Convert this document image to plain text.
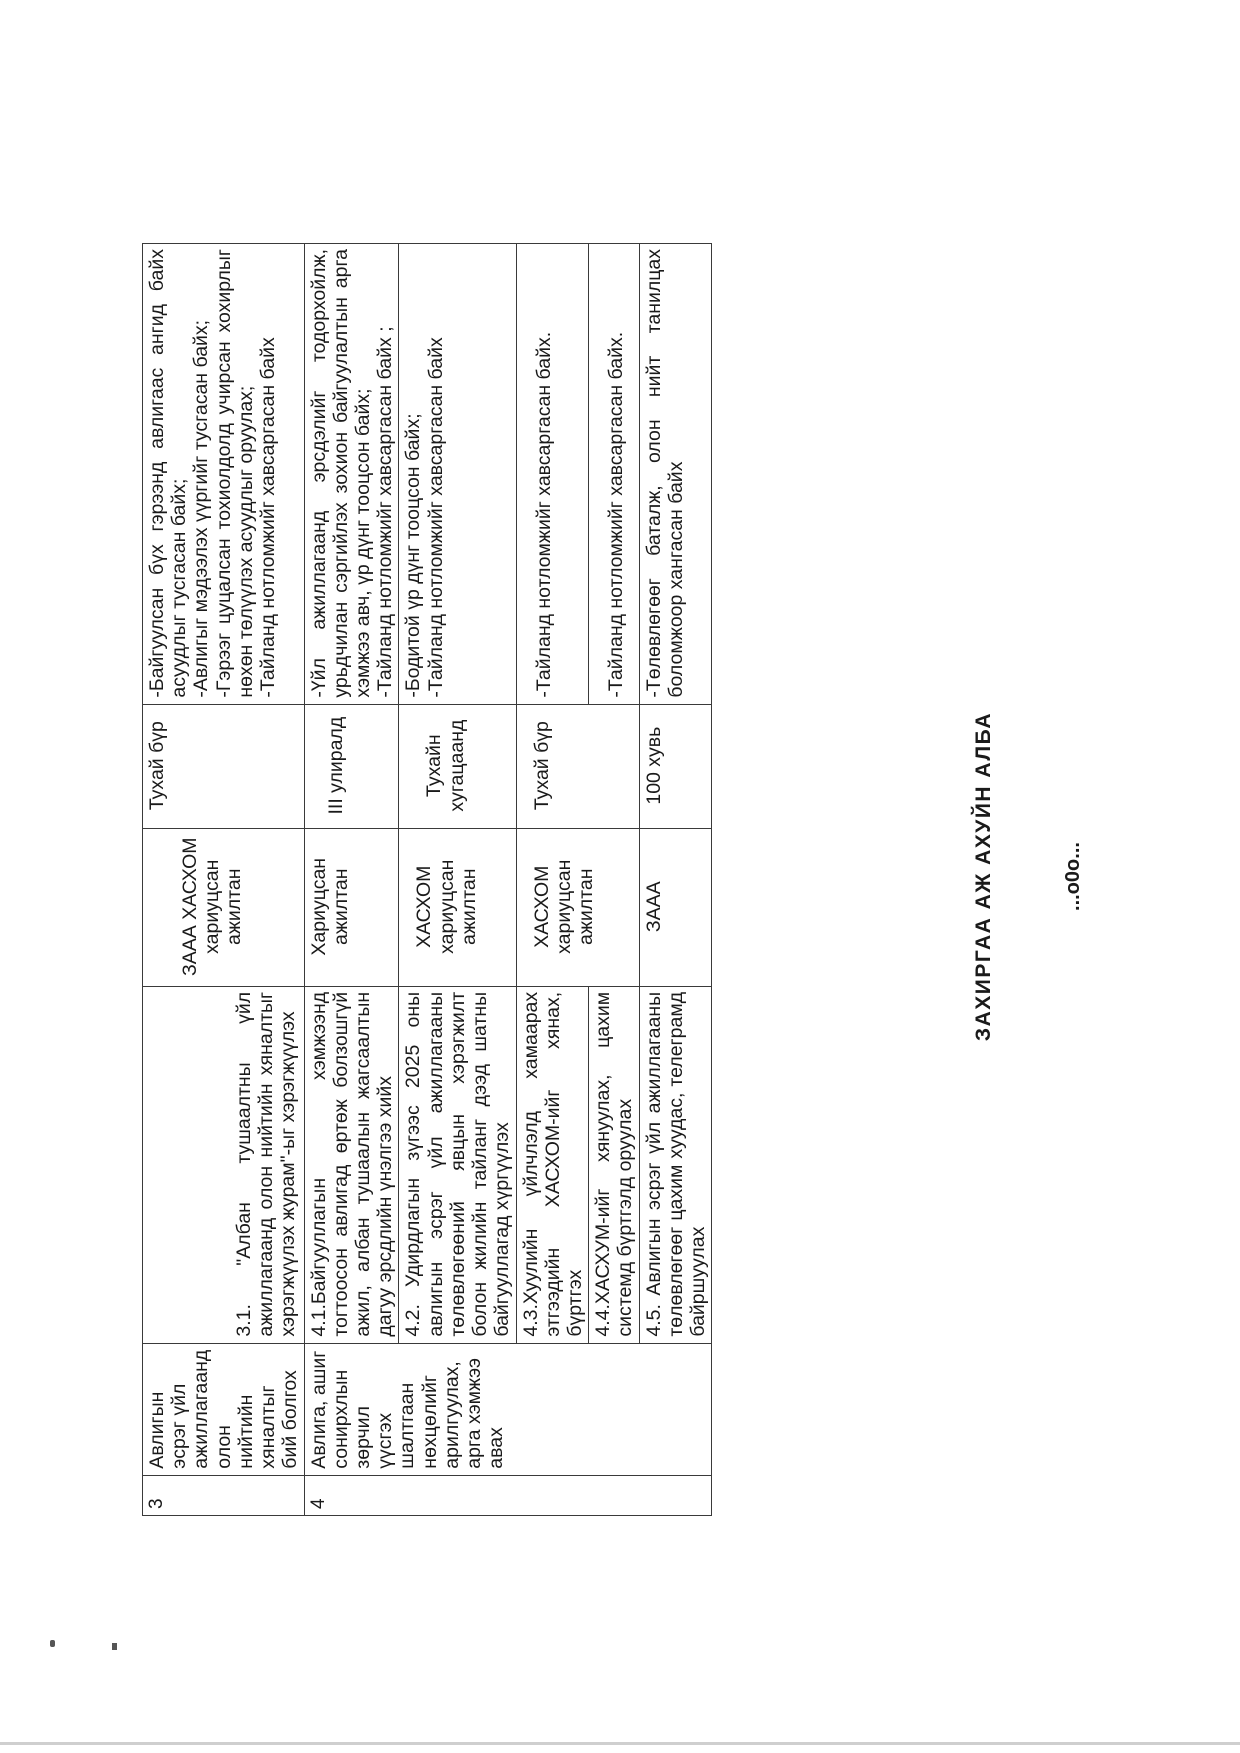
3	Авлигын эсрэг үйл ажиллагаанд олон нийтийн хяналтыг бий болгох	3.1. "Албан тушаалтны үйл ажиллагаанд олон нийтийн хяналтыг хэрэгжүүлэх журам"-ыг хэрэгжүүлэх	ЗААА ХАСХОМ хариуцсан ажилтан	Тухай бүр	-Байгуулсан бүх гэрээнд авлигаас ангид байх асуудлыг тусгасан байх; -Авлигыг мэдээлэх үүргийг тусгасан байх; -Гэрээг цуцалсан тохиолдолд учирсан хохирлыг нөхөн төлүүлэх асуудлыг оруулах; -Тайланд нотломжийг хавсаргасан байх

4	Авлига, ашиг сонирхлын зөрчил үүсгэх шалтгаан нөхцөлийг арилгуулах, арга хэмжээ авах	4.1.Байгууллагын хэмжээнд тогтоосон авлигад өртөж болзошгүй ажил, албан тушаалын жагсаалтын дагуу эрсдлийн үнэлгээ хийх	Хариуцсан ажилтан	III улиралд	-Үйл ажиллагаанд эрсдэлийг тодорхойлж, урьдчилан сэргийлэх зохион байгуулалтын арга хэмжээ авч, үр дүнг тооцсон байх; -Тайланд нотломжийг хавсаргасан байх ;

		4.2. Удирдлагын зүгээс 2025 оны авлигын эсрэг үйл ажиллагааны төлөвлөгөөний явцын хэрэгжилт болон жилийн тайланг дээд шатны байгууллагад хүргүүлэх	ХАСХОМ хариуцсан ажилтан	Тухайн хугацаанд	-Бодитой үр дүнг тооцсон байх; -Тайланд нотломжийг хавсаргасан байх

		4.3.Хуулийн үйлчлэлд хамаарах этгээдийн ХАСХОМ-ийг хянах, бүртгэх	ХАСХОМ хариуцсан ажилтан	Тухай бүр	-Тайланд нотломжийг хавсаргасан байх.

		4.4.ХАСХУМ-ийг хянуулах, цахим системд бүртгэлд оруулах			-Тайланд нотломжийг хавсаргасан байх.

		4.5. Авлигын эсрэг үйл ажиллагааны төлөвлөгөөг цахим хуудас, телеграмд байршуулах	ЗААА	100 хувь	-Төлөвлөгөөг баталж, олон нийт танилцах боломжоор хангасан байх

ЗАХИРГАА АЖ АХУЙН АЛБА	...o0o...
